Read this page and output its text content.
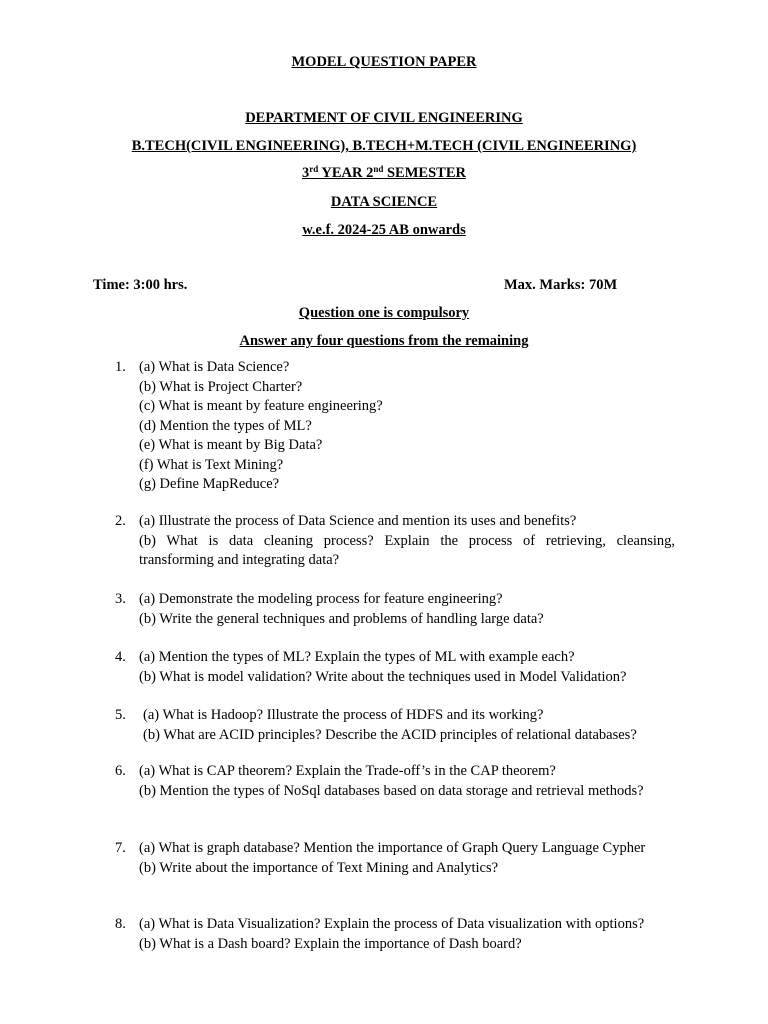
MODEL QUESTION PAPER
DEPARTMENT OF CIVIL ENGINEERING
B.TECH(CIVIL ENGINEERING), B.TECH+M.TECH (CIVIL ENGINEERING)
3rd YEAR 2nd SEMESTER
DATA SCIENCE
w.e.f. 2024-25 AB onwards
Time: 3:00 hrs.	Max. Marks: 70M
Question one is compulsory
Answer any four questions from the remaining
1. (a) What is Data Science?
(b) What is Project Charter?
(c) What is meant by feature engineering?
(d) Mention the types of ML?
(e) What is meant by Big Data?
(f) What is Text Mining?
(g) Define MapReduce?
2. (a) Illustrate the process of Data Science and mention its uses and benefits?
(b) What is data cleaning process? Explain the process of retrieving, cleansing, transforming and integrating data?
3. (a) Demonstrate the modeling process for feature engineering?
(b) Write the general techniques and problems of handling large data?
4. (a) Mention the types of ML? Explain the types of ML with example each?
(b) What is model validation? Write about the techniques used in Model Validation?
5. (a) What is Hadoop? Illustrate the process of HDFS and its working?
(b) What are ACID principles? Describe the ACID principles of relational databases?
6. (a) What is CAP theorem? Explain the Trade-off’s in the CAP theorem?
(b) Mention the types of NoSql databases based on data storage and retrieval methods?
7. (a) What is graph database? Mention the importance of Graph Query Language Cypher
(b) Write about the importance of Text Mining and Analytics?
8. (a) What is Data Visualization? Explain the process of Data visualization with options?
(b) What is a Dash board? Explain the importance of Dash board?
